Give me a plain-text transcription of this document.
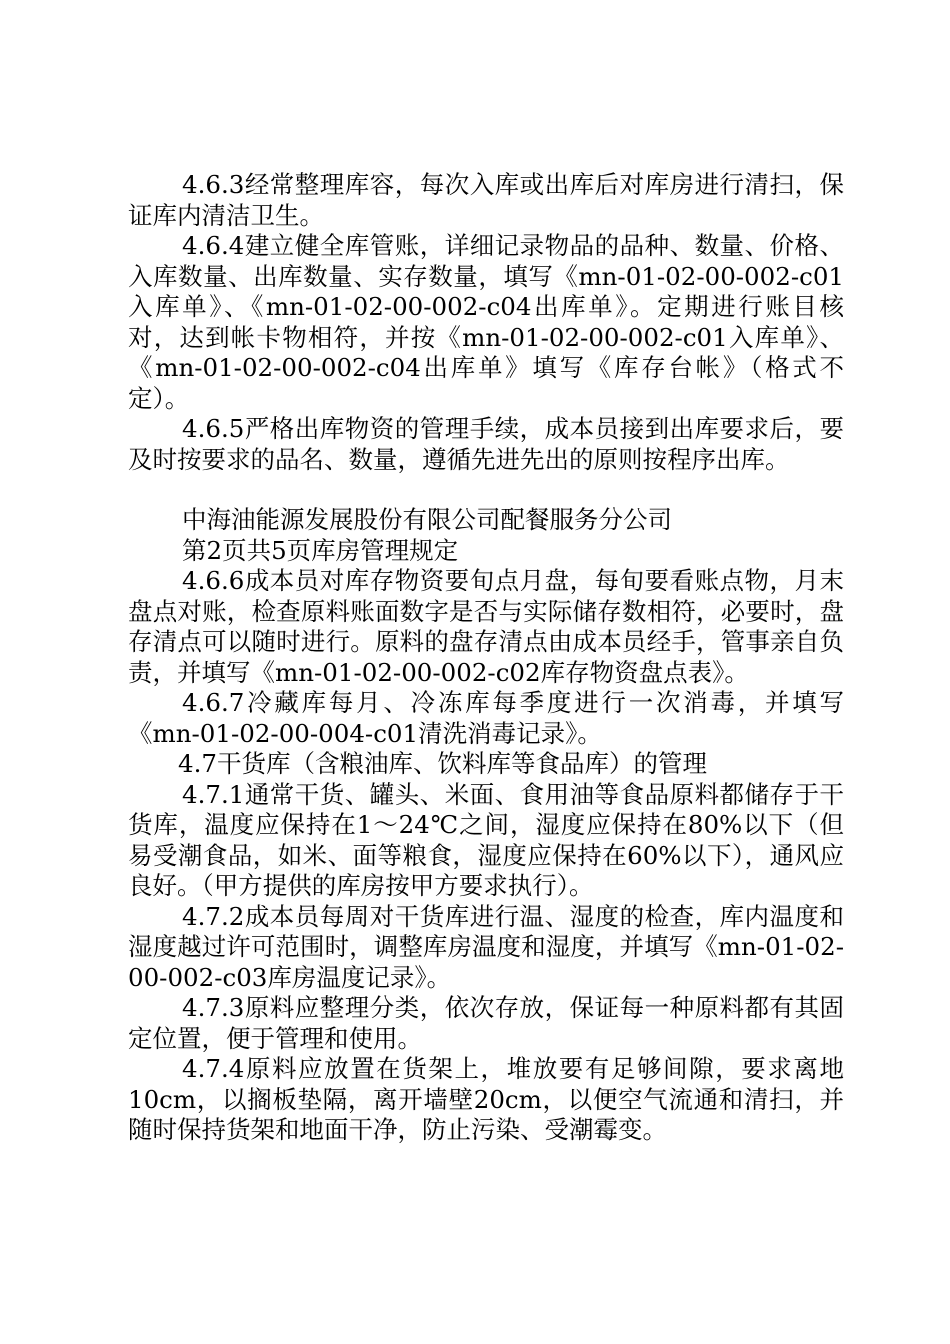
4.6.3经常整理库容，每次入库或出库后对库房进行清扫，保证库内清洁卫生。

4.6.4建立健全库管账，详细记录物品的品种、数量、价格、入库数量、出库数量、实存数量，填写《mn-01-02-00-002-c01入库单》、《mn-01-02-00-002-c04出库单》。定期进行账目核对，达到帐卡物相符，并按《mn-01-02-00-002-c01入库单》、《mn-01-02-00-002-c04出库单》填写《库存台帐》（格式不定）。

4.6.5严格出库物资的管理手续，成本员接到出库要求后，要及时按要求的品名、数量，遵循先进先出的原则按程序出库。

中海油能源发展股份有限公司配餐服务分公司

第2页共5页库房管理规定

4.6.6成本员对库存物资要旬点月盘，每旬要看账点物，月末盘点对账，检查原料账面数字是否与实际储存数相符，必要时，盘存清点可以随时进行。原料的盘存清点由成本员经手，管事亲自负责，并填写《mn-01-02-00-002-c02库存物资盘点表》。

4.6.7冷藏库每月、冷冻库每季度进行一次消毒，并填写《mn-01-02-00-004-c01清洗消毒记录》。

4.7干货库（含粮油库、饮料库等食品库）的管理

4.7.1通常干货、罐头、米面、食用油等食品原料都储存于干货库，温度应保持在1～24℃之间，湿度应保持在80%以下（但易受潮食品，如米、面等粮食，湿度应保持在60%以下），通风应良好。（甲方提供的库房按甲方要求执行）。

4.7.2成本员每周对干货库进行温、湿度的检查，库内温度和湿度越过许可范围时，调整库房温度和湿度，并填写《mn-01-02-00-002-c03库房温度记录》。

4.7.3原料应整理分类，依次存放，保证每一种原料都有其固定位置，便于管理和使用。

4.7.4原料应放置在货架上，堆放要有足够间隙，要求离地10cm，以搁板垫隔，离开墙壁20cm，以便空气流通和清扫，并随时保持货架和地面干净，防止污染、受潮霉变。
